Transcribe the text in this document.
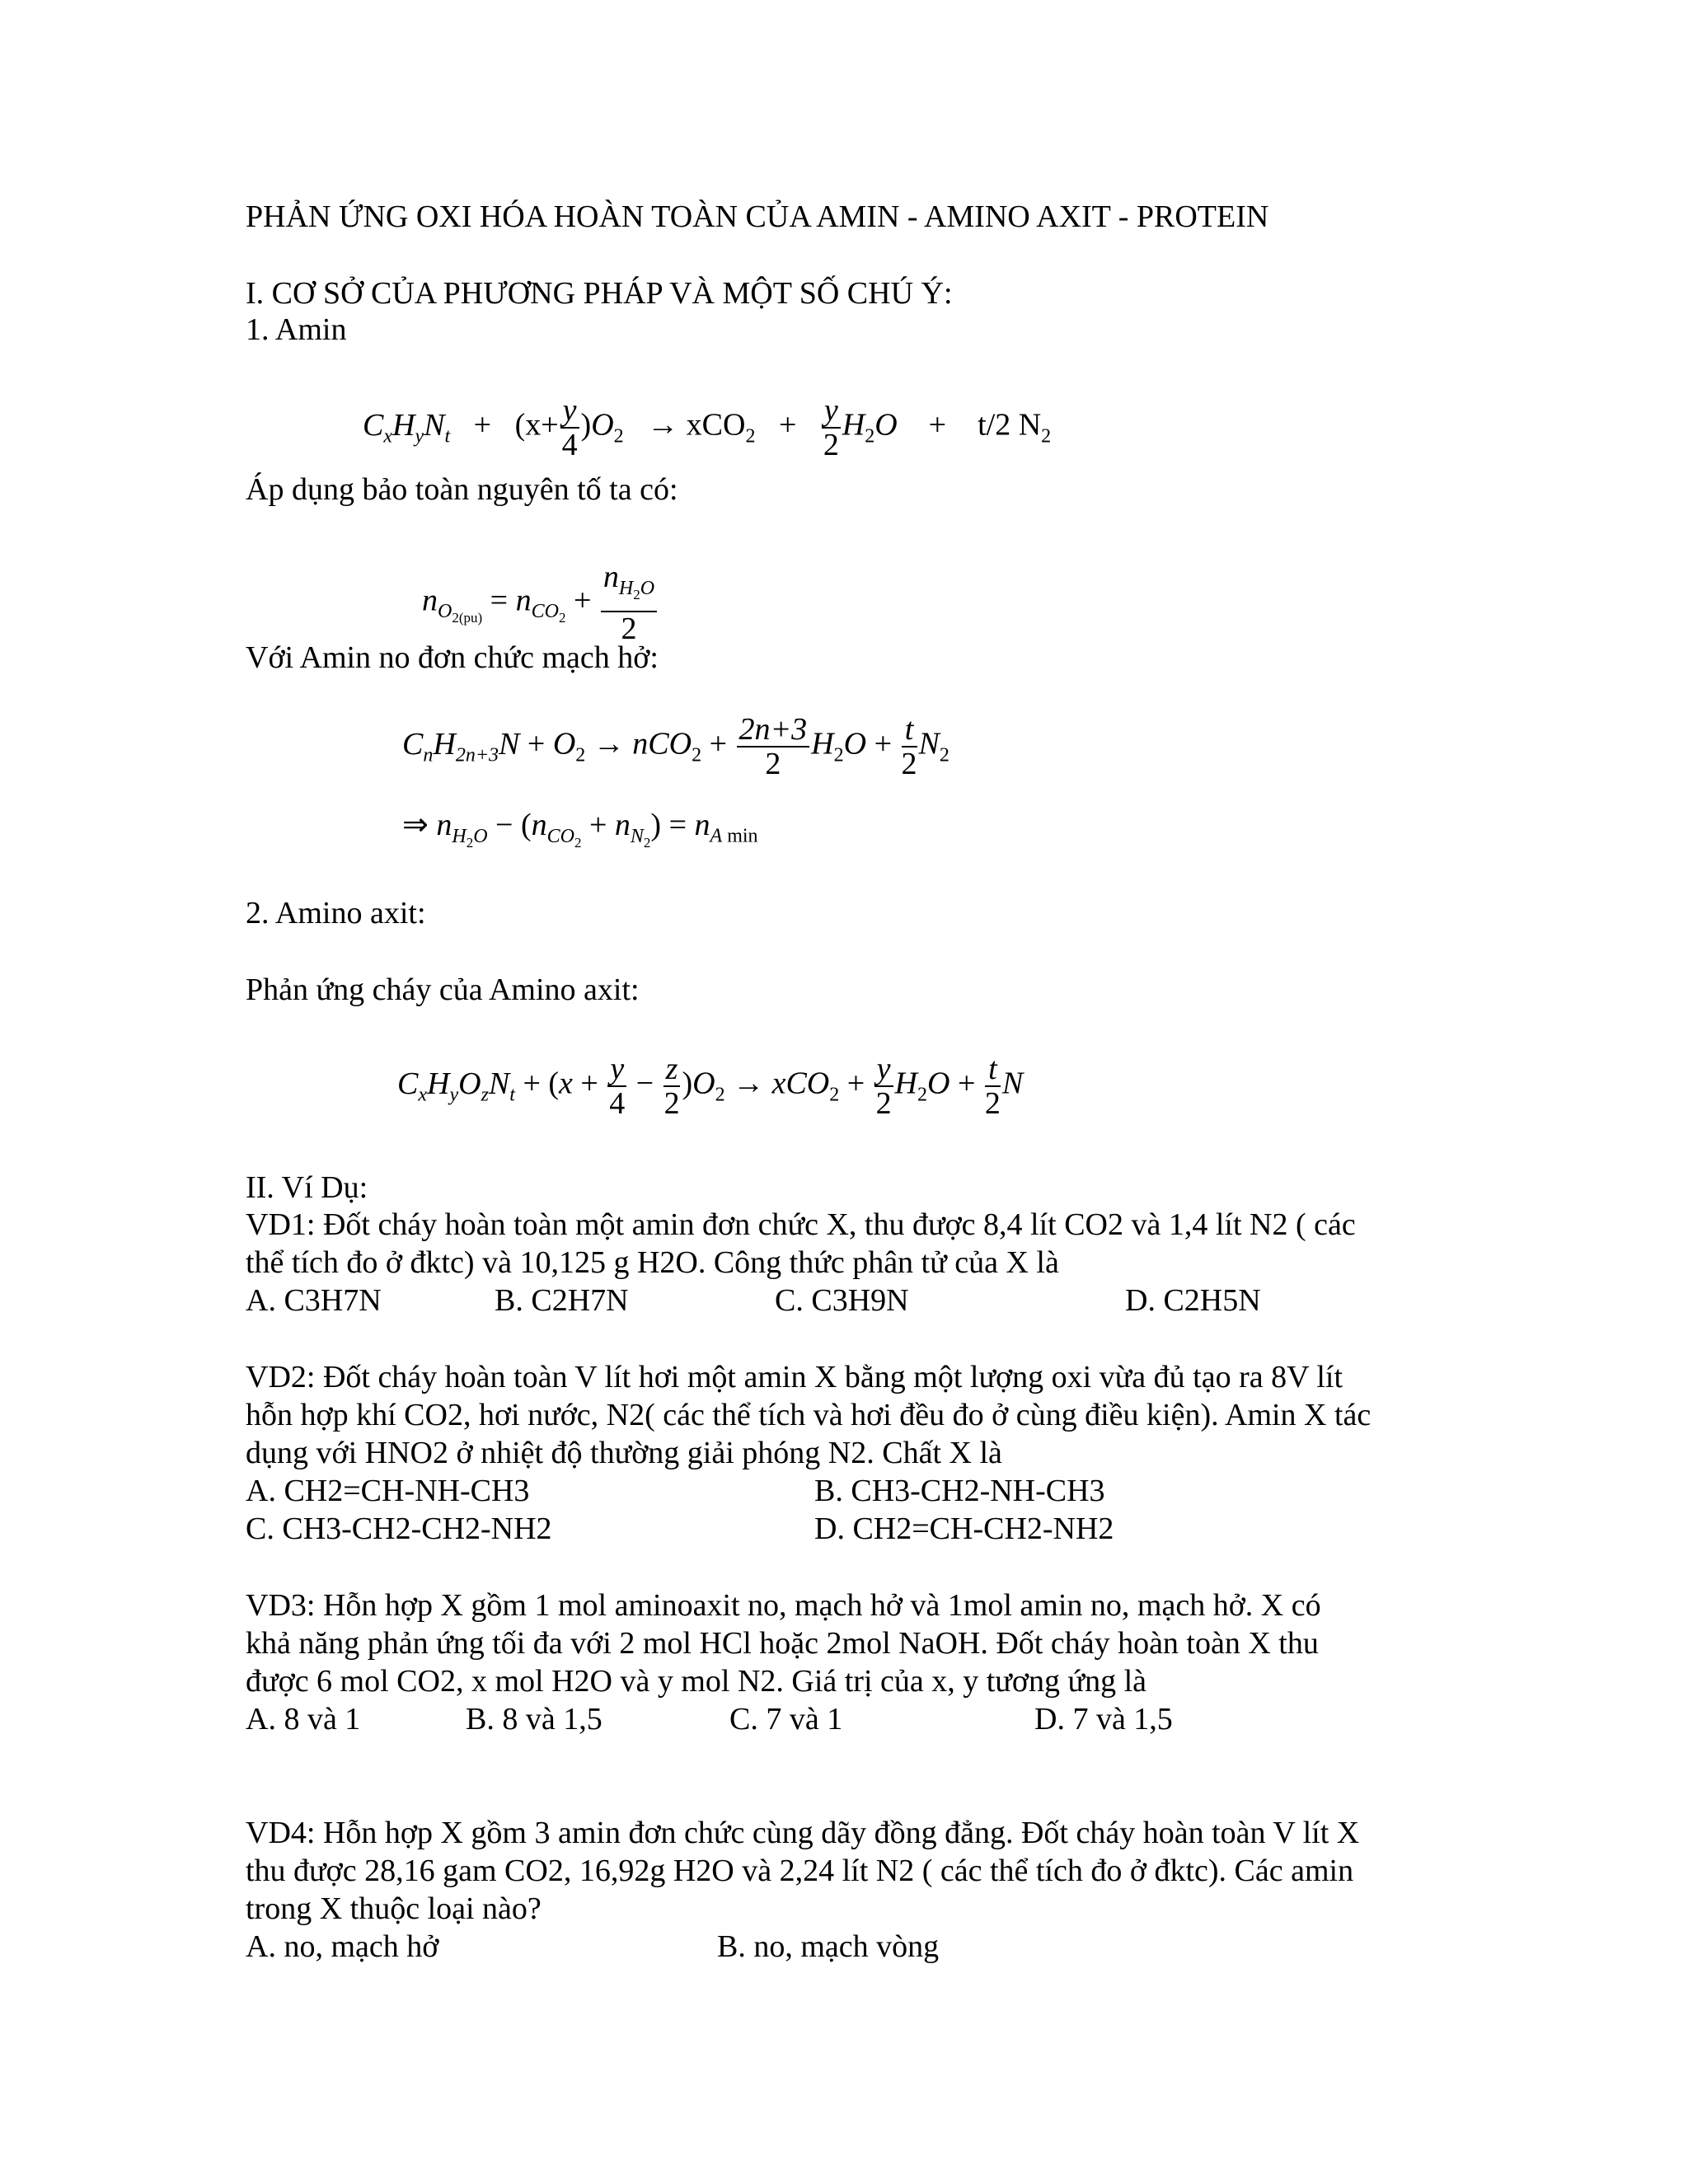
PHẢN ỨNG OXI HÓA HOÀN TOÀN CỦA AMIN - AMINO AXIT - PROTEIN
I. CƠ SỞ CỦA PHƯƠNG PHÁP VÀ MỘT SỐ CHÚ Ý:
1. Amin
$C_xH_yN_t + (x+ \frac{y}{4} )O_2 \to xCO_2 + \frac{y}{2} H_2O$    +    t/2 $N_2$
Áp dụng bảo toàn nguyên tố ta có:
$n_{O_{2(pu)}} = n_{CO_2} + \frac{n_{H_2O}}{2}$
Với Amin no đơn chức mạch hở:
$C_nH_{2n+3}N + O_2 \to nCO_2 + \frac{2n+3}{2} H_2O + \frac{t}{2} N_2$
⇒ $n_{H_2O} - (n_{CO_2} + n_{N_2}) = n_{A min}$
2. Amino axit:
Phản ứng cháy của Amino axit:
$C_xH_yO_zN_t + (x + \frac{y}{4} - \frac{z}{2} )O_2 \to xCO_2 + \frac{y}{2} H_2O + \frac{t}{2}$ N
II. Ví Dụ:
VD1: Đốt cháy hoàn toàn một amin đơn chức X, thu được 8,4 lít CO2 và 1,4 lít N2 ( các
thể tích đo ở đktc) và 10,125 g H2O. Công thức phân tử của X là
A. C3H7N	B. C2H7N	C. C3H9N	D. C2H5N
VD2: Đốt cháy hoàn toàn V lít hơi một amin X bằng một lượng oxi vừa đủ tạo ra 8V lít
hỗn hợp khí CO2, hơi nước, N2( các thể tích và hơi đều đo ở cùng điều kiện). Amin X tác
dụng với HNO2 ở nhiệt độ thường giải phóng N2. Chất X là
A. CH2=CH-NH-CH3	B. CH3-CH2-NH-CH3
C. CH3-CH2-CH2-NH2	D. CH2=CH-CH2-NH2
VD3: Hỗn hợp X gồm 1 mol aminoaxit no, mạch hở và 1mol amin no, mạch hở. X có
khả năng phản ứng tối đa với 2 mol HCl hoặc 2mol NaOH. Đốt cháy hoàn toàn X thu
được 6 mol CO2, x mol H2O và y mol N2. Giá trị của x, y tương ứng là
A. 8 và 1	B. 8 và 1,5	C. 7 và 1	D. 7 và 1,5
VD4: Hỗn hợp X gồm 3 amin đơn chức cùng dãy đồng đẳng. Đốt cháy hoàn toàn V lít X
thu được 28,16 gam CO2, 16,92g H2O và 2,24 lít N2 ( các thể tích đo ở đktc). Các amin
trong X thuộc loại nào?
A. no, mạch hở	B. no, mạch vòng
